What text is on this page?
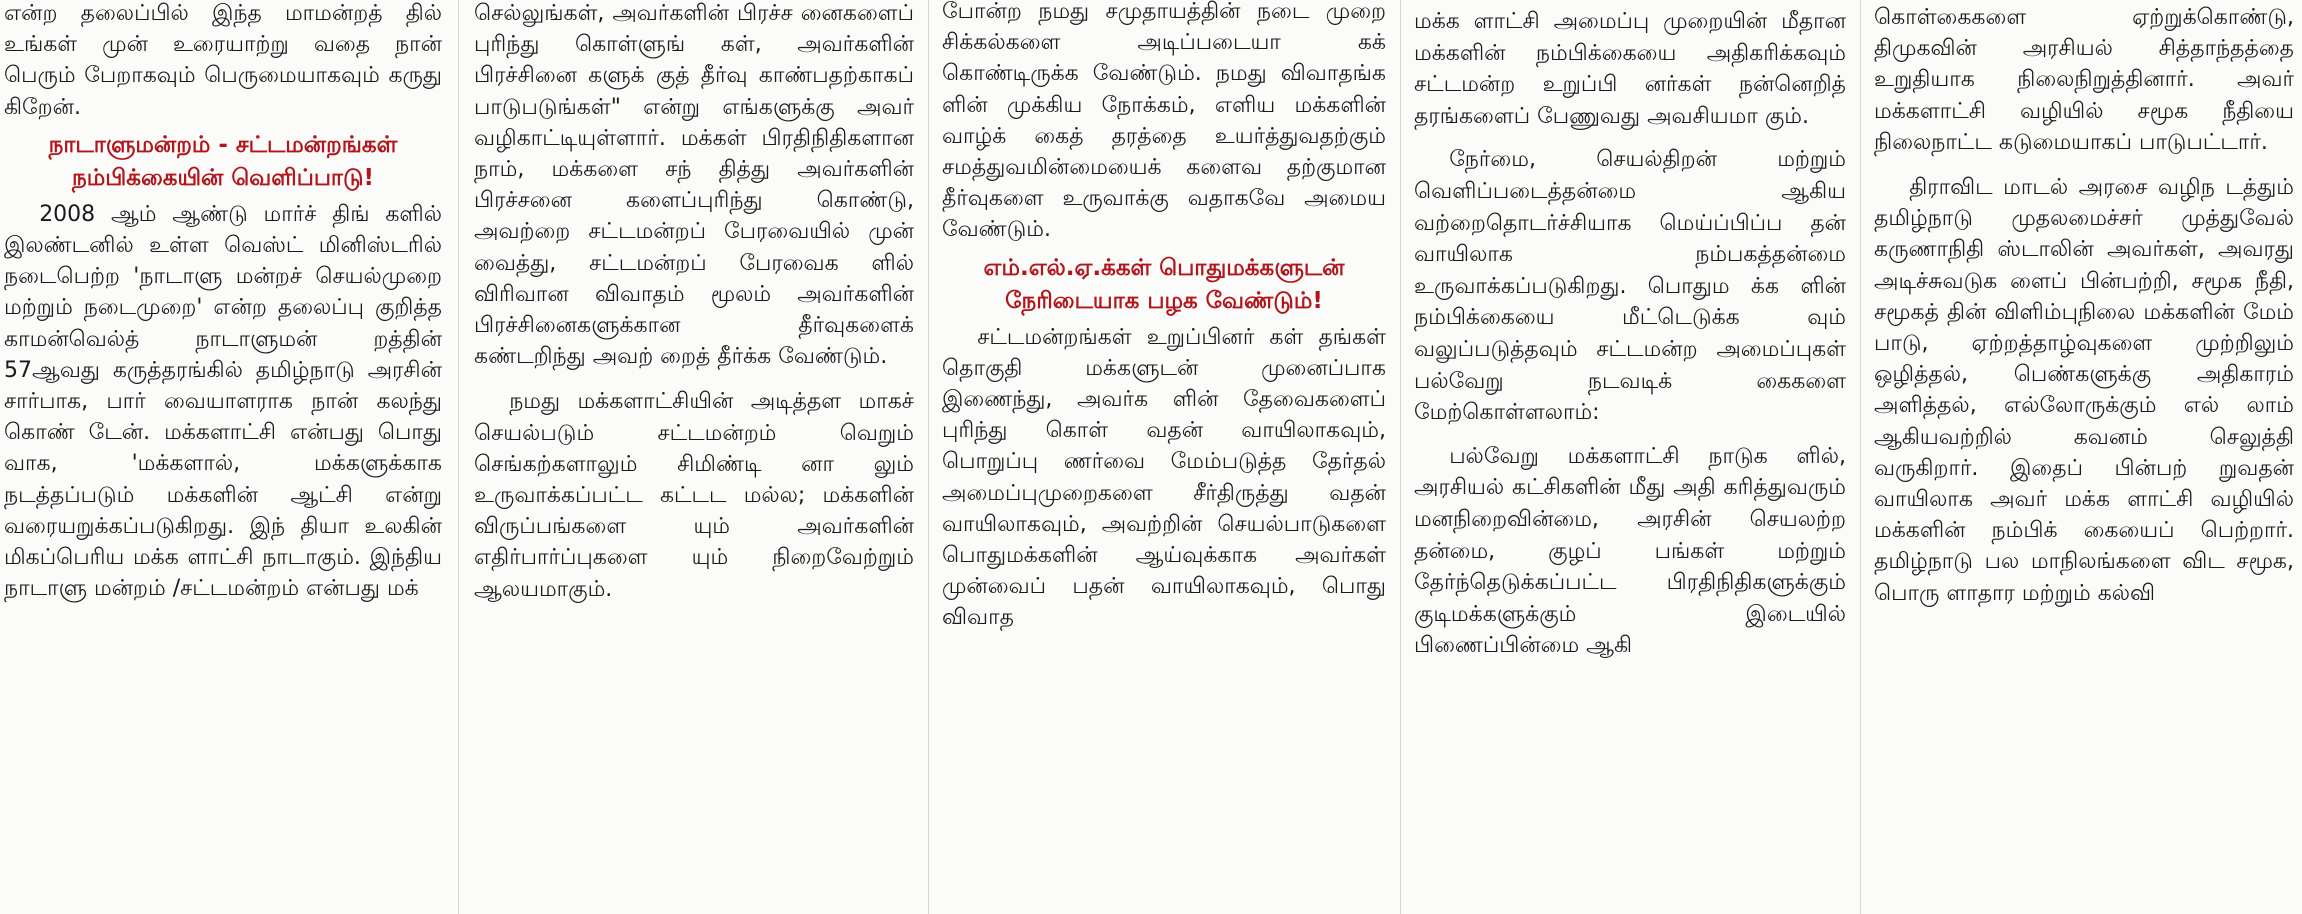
என்ற தலைப்பில் இந்த மாமன்றத் தில் உங்கள் முன் உரையாற்று வதை நான் பெரும் பேறாகவும் பெருமையாகவும் கருது கிறேன்.

நாடாளுமன்றம் - சட்டமன்றங்கள் நம்பிக்கையின் வெளிப்பாடு!

2008 ஆம் ஆண்டு மார்ச் திங் களில் இலண்டனில் உள்ள வெஸ்ட் மினிஸ்டரில் நடைபெற்ற 'நாடாளு மன்றச் செயல்முறை மற்றும் நடைமுறை' என்ற தலைப்பு குறித்த காமன்வெல்த் நாடாளுமன் றத்தின் 57ஆவது கருத்தரங்கில் தமிழ்நாடு அரசின் சார்பாக, பார் வையாளராக நான் கலந்து கொண் டேன். மக்களாட்சி என்பது பொது வாக, 'மக்களால், மக்களுக்காக நடத்தப்படும் மக்களின் ஆட்சி என்று வரையறுக்கப்படுகிறது. இந் தியா உலகின் மிகப்பெரிய மக்க ளாட்சி நாடாகும். இந்திய நாடாளு மன்றம் /சட்டமன்றம் என்பது மக்

செல்லுங்கள், அவர்களின் பிரச்ச னைகளைப் புரிந்து கொள்ளுங் கள், அவர்களின் பிரச்சினை களுக் குத் தீர்வு காண்பதற்காகப் பாடுபடுங்கள்" என்று எங்களுக்கு அவர் வழிகாட்டியுள்ளார். மக்கள் பிரதிநிதிகளான நாம், மக்களை சந் தித்து அவர்களின் பிரச்சனை களைப்புரிந்து கொண்டு, அவற்றை சட்டமன்றப் பேரவையில் முன் வைத்து, சட்டமன்றப் பேரவைக ளில் விரிவான விவாதம் மூலம் அவர்களின் பிரச்சினைகளுக்கான தீர்வுகளைக் கண்டறிந்து அவற் றைத் தீர்க்க வேண்டும்.

நமது மக்களாட்சியின் அடித்தள மாகச் செயல்படும் சட்டமன்றம் வெறும் செங்கற்களாலும் சிமிண்டி னா லும் உருவாக்கப்பட்ட கட்டட மல்ல; மக்களின் விருப்பங்களை யும் அவர்களின் எதிர்பார்ப்புகளை யும் நிறைவேற்றும் ஆலயமாகும்.

போன்ற நமது சமுதாயத்தின் நடை முறை சிக்கல்களை அடிப்படையா கக் கொண்டிருக்க வேண்டும். நமது விவாதங்க ளின் முக்கிய நோக்கம், எளிய மக்களின் வாழ்க் கைத் தரத்தை உயர்த்துவதற்கும் சமத்துவமின்மையைக் களைவ தற்குமான தீர்வுகளை உருவாக்கு வதாகவே அமைய வேண்டும்.

எம்.எல்.ஏ.க்கள் பொதுமக்களுடன் நேரிடையாக பழக வேண்டும்!

சட்டமன்றங்கள் உறுப்பினர் கள் தங்கள் தொகுதி மக்களுடன் முனைப்பாக இணைந்து, அவர்க ளின் தேவைகளைப் புரிந்து கொள் வதன் வாயிலாகவும், பொறுப்பு ணர்வை மேம்படுத்த தேர்தல் அமைப்புமுறைகளை சீர்திருத்து வதன் வாயிலாகவும், அவற்றின் செயல்பாடுகளை பொதுமக்களின் ஆய்வுக்காக அவர்கள் முன்வைப் பதன் வாயிலாகவும், பொது விவாத

மக்க ளாட்சி அமைப்பு முறையின் மீதான மக்களின் நம்பிக்கையை அதிகரிக்கவும் சட்டமன்ற உறுப்பி னர்கள் நன்னெறித் தரங்களைப் பேணுவது அவசியமா கும்.

நேர்மை, செயல்திறன் மற்றும் வெளிப்படைத்தன்மை ஆகிய வற்றைதொடர்ச்சியாக மெய்ப்பிப்ப தன் வாயிலாக நம்பகத்தன்மை உருவாக்கப்படுகிறது. பொதும க்க ளின் நம்பிக்கையை மீட்டெடுக்க வும் வலுப்படுத்தவும் சட்டமன்ற அமைப்புகள் பல்வேறு நடவடிக் கைகளை மேற்கொள்ளலாம்:

பல்வேறு மக்களாட்சி நாடுக ளில், அரசியல் கட்சிகளின் மீது அதி கரித்துவரும் மனநிறைவின்மை, அரசின் செயலற்ற தன்மை, குழப் பங்கள் மற்றும் தேர்ந்தெடுக்கப்பட்ட பிரதிநிதிகளுக்கும் குடிமக்களுக்கும் இடையில் பிணைப்பின்மை ஆகி

கொள்கைகளை ஏற்றுக்கொண்டு, திமுகவின் அரசியல் சித்தாந்தத்தை உறுதியாக நிலைநிறுத்தினார். அவர் மக்களாட்சி வழியில் சமூக நீதியை நிலைநாட்ட கடுமையாகப் பாடுபட்டார்.

திராவிட மாடல் அரசை வழிந டத்தும் தமிழ்நாடு முதலமைச்சர் முத்துவேல் கருணாநிதி ஸ்டாலின் அவர்கள், அவரது அடிச்சுவடுக ளைப் பின்பற்றி, சமூக நீதி, சமூகத் தின் விளிம்புநிலை மக்களின் மேம் பாடு, ஏற்றத்தாழ்வுகளை முற்றிலும் ஒழித்தல், பெண்களுக்கு அதிகாரம் அளித்தல், எல்லோருக்கும் எல் லாம் ஆகியவற்றில் கவனம் செலுத்தி வருகிறார். இதைப் பின்பற் றுவதன் வாயிலாக அவர் மக்க ளாட்சி வழியில் மக்களின் நம்பிக் கையைப் பெற்றார். தமிழ்நாடு பல மாநிலங்களை விட சமூக, பொரு ளாதார மற்றும் கல்வி
